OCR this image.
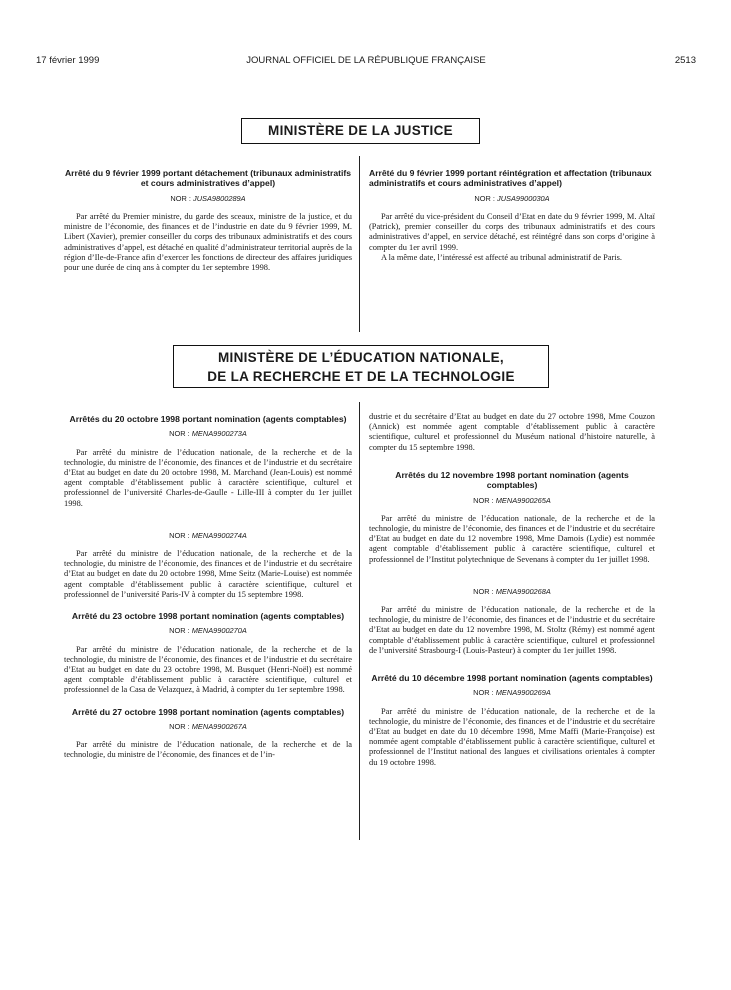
17 février 1999	JOURNAL OFFICIEL DE LA RÉPUBLIQUE FRANÇAISE	2513
MINISTÈRE DE LA JUSTICE

Arrêté du 9 février 1999 portant détachement (tribunaux administratifs et cours administratives d’appel)

NOR : JUSA9800289A

Par arrêté du Premier ministre, du garde des sceaux, ministre de la justice, et du ministre de l’économie, des finances et de l’industrie en date du 9 février 1999, M. Libert (Xavier), premier conseiller du corps des tribunaux administratifs et des cours administratives d’appel, est détaché en qualité d’administrateur territorial auprès de la région d’Ile-de-France afin d’exercer les fonctions de directeur des affaires juridiques pour une durée de cinq ans à compter du 1er septembre 1998.

Arrêté du 9 février 1999 portant réintégration et affectation (tribunaux administratifs et cours administratives d’appel)

NOR : JUSA9900030A

Par arrêté du vice-président du Conseil d’Etat en date du 9 février 1999, M. Altaï (Patrick), premier conseiller du corps des tribunaux administratifs et des cours administratives d’appel, en service détaché, est réintégré dans son corps d’origine à compter du 1er avril 1999.

A la même date, l’intéressé est affecté au tribunal administratif de Paris.

MINISTÈRE DE L’ÉDUCATION NATIONALE,
DE LA RECHERCHE ET DE LA TECHNOLOGIE

Arrêtés du 20 octobre 1998 portant nomination (agents comptables)

NOR : MENA9900273A

Par arrêté du ministre de l’éducation nationale, de la recherche et de la technologie, du ministre de l’économie, des finances et de l’industrie et du secrétaire d’Etat au budget en date du 20 octobre 1998, M. Marchand (Jean-Louis) est nommé agent comptable d’établissement public à caractère scientifique, culturel et professionnel de l’université Charles-de-Gaulle - Lille-III à compter du 1er juillet 1998.

NOR : MENA9900274A

Par arrêté du ministre de l’éducation nationale, de la recherche et de la technologie, du ministre de l’économie, des finances et de l’industrie et du secrétaire d’Etat au budget en date du 20 octobre 1998, Mme Seitz (Marie-Louise) est nommée agent comptable d’établissement public à caractère scientifique, culturel et professionnel de l’université Paris-IV à compter du 15 septembre 1998.

Arrêté du 23 octobre 1998 portant nomination (agents comptables)

NOR : MENA9900270A

Par arrêté du ministre de l’éducation nationale, de la recherche et de la technologie, du ministre de l’économie, des finances et de l’industrie et du secrétaire d’Etat au budget en date du 23 octobre 1998, M. Busquet (Henri-Noël) est nommé agent comptable d’établissement public à caractère scientifique, culturel et professionnel de la Casa de Velazquez, à Madrid, à compter du 1er septembre 1998.

Arrêté du 27 octobre 1998 portant nomination (agents comptables)

NOR : MENA9900267A

Par arrêté du ministre de l’éducation nationale, de la recherche et de la technologie, du ministre de l’économie, des finances et de l’in-

dustrie et du secrétaire d’Etat au budget en date du 27 octobre 1998, Mme Couzon (Annick) est nommée agent comptable d’établissement public à caractère scientifique, culturel et professionnel du Muséum national d’histoire naturelle, à compter du 15 septembre 1998.

Arrêtés du 12 novembre 1998 portant nomination (agents comptables)

NOR : MENA9900265A

Par arrêté du ministre de l’éducation nationale, de la recherche et de la technologie, du ministre de l’économie, des finances et de l’industrie et du secrétaire d’Etat au budget en date du 12 novembre 1998, Mme Damois (Lydie) est nommée agent comptable d’établissement public à caractère scientifique, culturel et professionnel de l’Institut polytechnique de Sevenans à compter du 1er juillet 1998.

NOR : MENA9900268A

Par arrêté du ministre de l’éducation nationale, de la recherche et de la technologie, du ministre de l’économie, des finances et de l’industrie et du secrétaire d’Etat au budget en date du 12 novembre 1998, M. Stoltz (Rémy) est nommé agent comptable d’établissement public à caractère scientifique, culturel et professionnel de l’université Strasbourg-I (Louis-Pasteur) à compter du 1er juillet 1998.

Arrêté du 10 décembre 1998 portant nomination (agents comptables)

NOR : MENA9900269A

Par arrêté du ministre de l’éducation nationale, de la recherche et de la technologie, du ministre de l’économie, des finances et de l’industrie et du secrétaire d’Etat au budget en date du 10 décembre 1998, Mme Maffi (Marie-Françoise) est nommée agent comptable d’établissement public à caractère scientifique, culturel et professionnel de l’Institut national des langues et civilisations orientales à compter du 19 octobre 1998.
